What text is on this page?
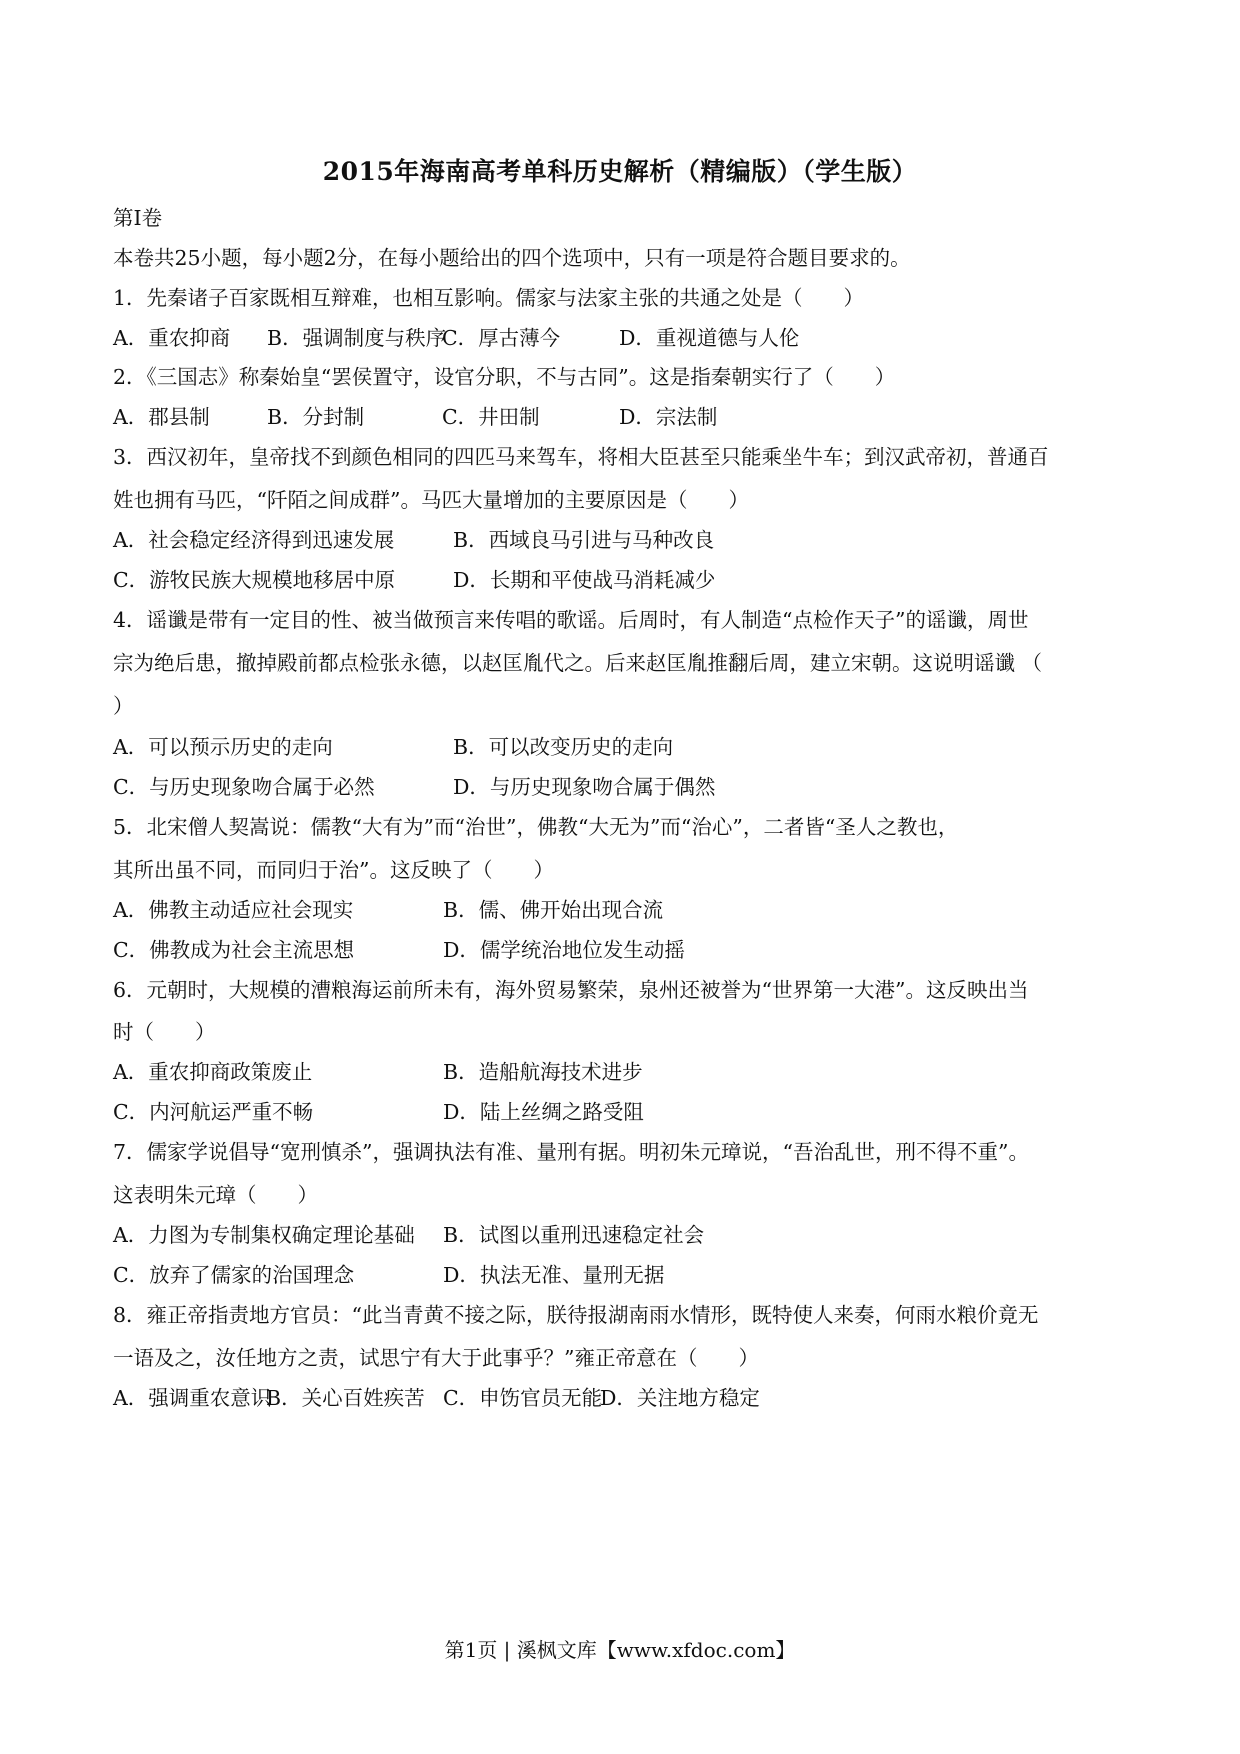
2015年海南高考单科历史解析（精编版）（学生版）
第I卷
本卷共25小题，每小题2分，在每小题给出的四个选项中，只有一项是符合题目要求的。
1．先秦诸子百家既相互辩难，也相互影响。儒家与法家主张的共通之处是（　　）
A．重农抑商 B．强调制度与秩序
C．厚古薄今	D．重视道德与人伦
2．《三国志》称秦始皇“罢侯置守，设官分职，不与古同”。这是指秦朝实行了（　　）
A．郡县制	B．分封制	C．井田制	D．宗法制
3．西汉初年，皇帝找不到颜色相同的四匹马来驾车，将相大臣甚至只能乘坐牛车；到汉武帝初，普通百
姓也拥有马匹，“阡陌之间成群”。马匹大量增加的主要原因是（　　）
A．社会稳定经济得到迅速发展	B．西域良马引进与马种改良
C．游牧民族大规模地移居中原	D．长期和平使战马消耗减少
4．谣谶是带有一定目的性、被当做预言来传唱的歌谣。后周时，有人制造“点检作天子”的谣谶，周世
宗为绝后患，撤掉殿前都点检张永德，以赵匡胤代之。后来赵匡胤推翻后周，建立宋朝。这说明谣谶 （
）
A．可以预示历史的走向	B．可以改变历史的走向
C．与历史现象吻合属于必然	D．与历史现象吻合属于偶然
5．北宋僧人契嵩说：儒教“大有为”而“治世”，佛教“大无为”而“治心”，二者皆“圣人之教也，
其所出虽不同，而同归于治”。这反映了（　　）
A．佛教主动适应社会现实	B．儒、佛开始出现合流
C．佛教成为社会主流思想	D．儒学统治地位发生动摇
6．元朝时，大规模的漕粮海运前所未有，海外贸易繁荣，泉州还被誉为“世界第一大港”。这反映出当
时（　　）
A．重农抑商政策废止	B．造船航海技术进步
C．内河航运严重不畅	D．陆上丝绸之路受阻
7．儒家学说倡导“宽刑慎杀”，强调执法有准、量刑有据。明初朱元璋说，“吾治乱世，刑不得不重”。
这表明朱元璋（　　）
A．力图为专制集权确定理论基础 B．试图以重刑迅速稳定社会
C．放弃了儒家的治国理念	D．执法无准、量刑无据
8．雍正帝指责地方官员：“此当青黄不接之际，朕待报湖南雨水情形，既特使人来奏，何雨水粮价竟无
一语及之，汝任地方之责，试思宁有大于此事乎？”雍正帝意在（　　）
A．强调重农意识
B．关心百姓疾苦 C．申饬官员无能
D．关注地方稳定
第1页 | 溪枫文库【www.xfdoc.com】
